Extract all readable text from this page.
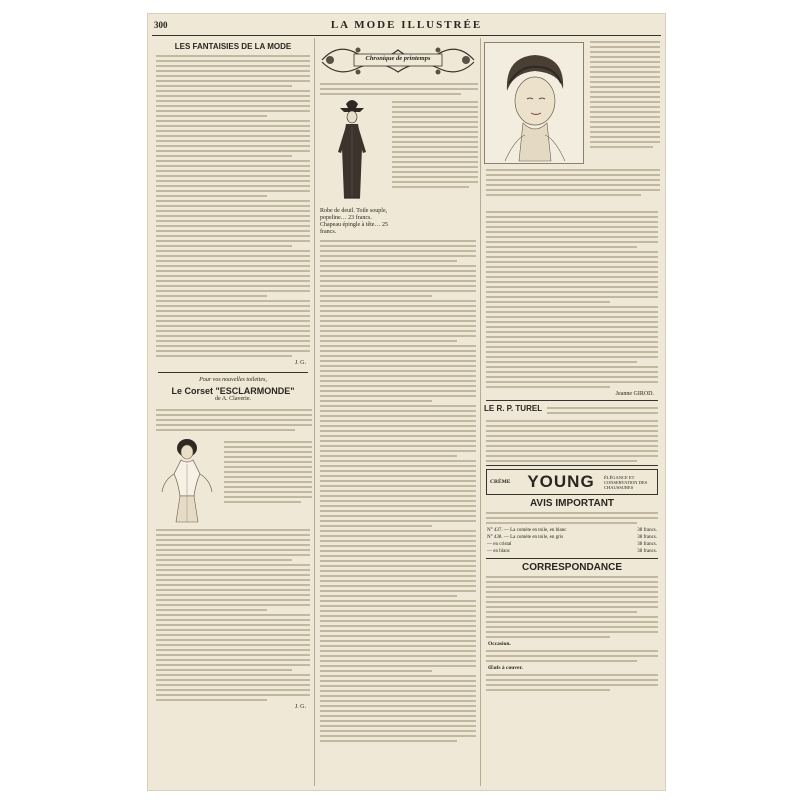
300	LA MODE ILLUSTRÉE
LES FANTAISIES DE LA MODE
J. G.
Pour vos nouvelles toilettes,
Le Corset "ESCLARMONDE"
de A. Claverie.
J. G.
Chronique de printemps
Robe de deuil. Toile souple, popeline… 23 francs. Chapeau épingle à tête… 25 francs.
Jeanne GIROD.
LE R. P. TUREL
CRÈME YOUNG ÉLÉGANCE ET CONSERVATION DES CHAUSSURES
AVIS IMPORTANT
N° 437. — La comète en toile, en blanc	38 francs.
N° 438. — La comète en toile, en gris	38 francs.
— en cristal	38 francs.
— en blanc	38 francs.
CORRESPONDANCE
Occasion.
Œufs à couver.
